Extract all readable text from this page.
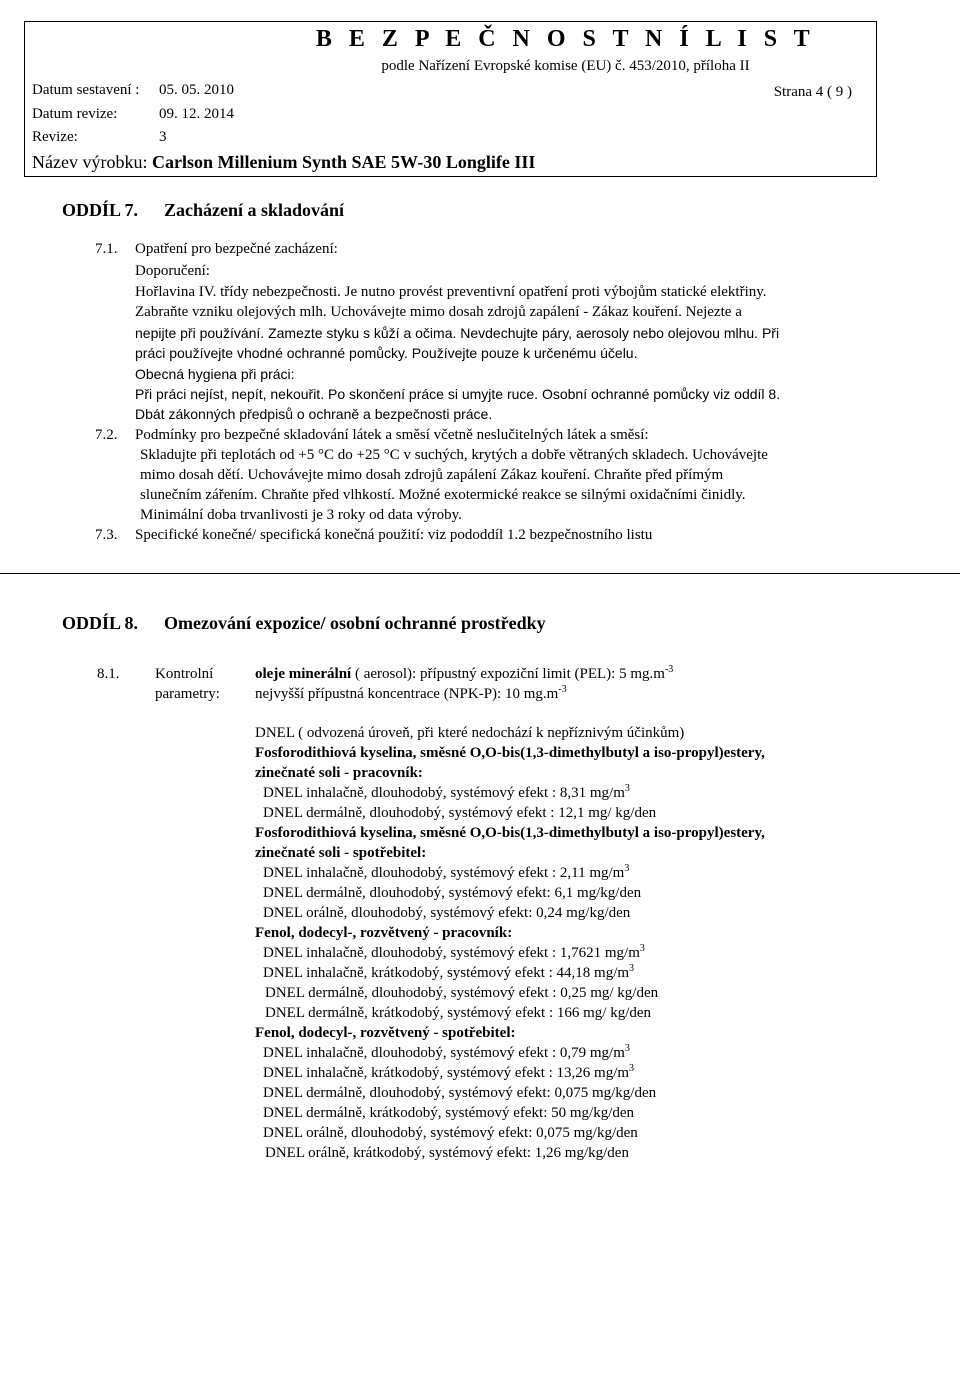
B E Z P E Č N O S T N Í L I S T
podle Nařízení Evropské komise (EU) č. 453/2010, příloha II
Datum sestavení : 05. 05. 2010
Datum revize:	09. 12. 2014
Revize:	3
Strana 4 ( 9 )
Název výrobku: Carlson Millenium Synth SAE 5W-30 Longlife III
ODDÍL 7. Zacházení a skladování
7.1. Opatření pro bezpečné zacházení:
Doporučení:
Hořlavina IV. třídy nebezpečnosti. Je nutno provést preventivní opatření proti výbojům statické elektřiny.
Zabraňte vzniku olejových mlh. Uchovávejte mimo dosah zdrojů zapálení - Zákaz kouření. Nejezte a
nepijte při používání. Zamezte styku s kůží a očima. Nevdechujte páry, aerosoly nebo olejovou mlhu. Při
práci používejte vhodné ochranné pomůcky. Používejte pouze k určenému účelu.
Obecná hygiena při práci:
Při práci nejíst, nepít, nekouřit. Po skončení práce si umyjte ruce. Osobní ochranné pomůcky viz oddíl 8.
Dbát zákonných předpisů o ochraně a bezpečnosti práce.
7.2. Podmínky pro bezpečné skladování látek a směsí včetně neslučitelných látek a směsí:
Skladujte při teplotách od +5 °C do +25 °C v suchých, krytých a dobře větraných skladech. Uchovávejte
mimo dosah dětí. Uchovávejte mimo dosah zdrojů zapálení Zákaz kouření. Chraňte před přímým
slunečním zářením. Chraňte před vlhkostí. Možné exotermické reakce se silnými oxidačními činidly.
Minimální doba trvanlivosti je 3 roky od data výroby.
7.3. Specifické konečné/ specifická konečná použití: viz pododdíl 1.2 bezpečnostního listu
ODDÍL 8. Omezování expozice/ osobní ochranné prostředky
8.1. Kontrolní
parametry:
oleje minerální ( aerosol): přípustný expoziční limit (PEL): 5 $mg.m^{-3}$
nejvyšší přípustná koncentrace (NPK-P): 10 $mg.m^{-3}$
DNEL ( odvozená úroveň, při které nedochází k nepříznivým účinkům)
Fosforodithiová kyselina, směsné O,O-bis(1,3-dimethylbutyl a iso-propyl)estery,
zinečnaté soli - pracovník:
DNEL inhalačně, dlouhodobý, systémový efekt : 8,31 $mg/m^3$
DNEL dermálně, dlouhodobý, systémový efekt : 12,1 mg/ kg/den
Fosforodithiová kyselina, směsné O,O-bis(1,3-dimethylbutyl a iso-propyl)estery,
zinečnaté soli - spotřebitel:
DNEL inhalačně, dlouhodobý, systémový efekt : 2,11 $mg/m^3$
DNEL dermálně, dlouhodobý, systémový efekt: 6,1 mg/kg/den
DNEL orálně, dlouhodobý, systémový efekt: 0,24 mg/kg/den
Fenol, dodecyl-, rozvětvený - pracovník:
DNEL inhalačně, dlouhodobý, systémový efekt : 1,7621 $mg/m^3$
DNEL inhalačně, krátkodobý, systémový efekt : 44,18 $mg/m^3$
DNEL dermálně, dlouhodobý, systémový efekt : 0,25 mg/ kg/den
DNEL dermálně, krátkodobý, systémový efekt : 166 mg/ kg/den
Fenol, dodecyl-, rozvětvený - spotřebitel:
DNEL inhalačně, dlouhodobý, systémový efekt : 0,79 $mg/m^3$
DNEL inhalačně, krátkodobý, systémový efekt : 13,26 $mg/m^3$
DNEL dermálně, dlouhodobý, systémový efekt: 0,075 mg/kg/den
DNEL dermálně, krátkodobý, systémový efekt: 50 mg/kg/den
DNEL orálně, dlouhodobý, systémový efekt: 0,075 mg/kg/den
DNEL orálně, krátkodobý, systémový efekt: 1,26 mg/kg/den
